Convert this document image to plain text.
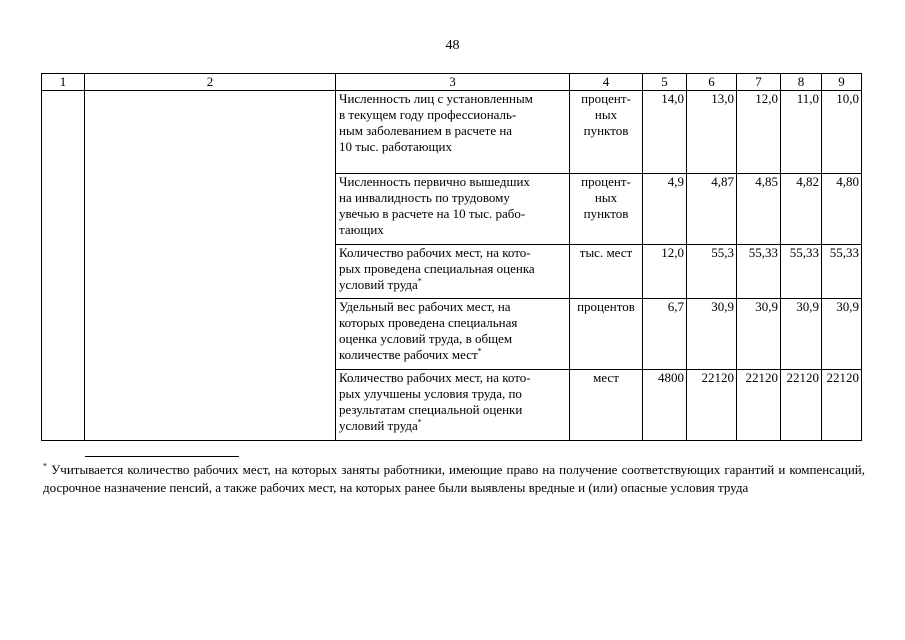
48
1	2	3	4	5	6	7	8	9
		Численность лиц с установленным
в текущем году профессиональ-
ным заболеванием в расчете на
10 тыс. работающих	процент-
ных
пунктов	14,0	13,0	12,0	11,0	10,0
		Численность первично вышедших
на инвалидность по трудовому
увечью в расчете на 10 тыс. рабо-
тающих	процент-
ных
пунктов	4,9	4,87	4,85	4,82	4,80
		Количество рабочих мест, на кото-
рых проведена специальная оценка
условий труда*	тыс. мест	12,0	55,3	55,33	55,33	55,33
		Удельный вес рабочих мест, на
которых проведена специальная
оценка условий труда, в общем
количестве рабочих мест*	процентов	6,7	30,9	30,9	30,9	30,9
		Количество рабочих мест, на кото-
рых улучшены условия труда, по
результатам специальной оценки
условий труда*	мест	4800	22120	22120	22120	22120
* Учитывается количество рабочих мест, на которых заняты работники, имеющие право на получение соответствующих гарантий и компенсаций, досрочное назначение пенсий, а также рабочих мест, на которых ранее были выявлены вредные и (или) опасные условия труда
